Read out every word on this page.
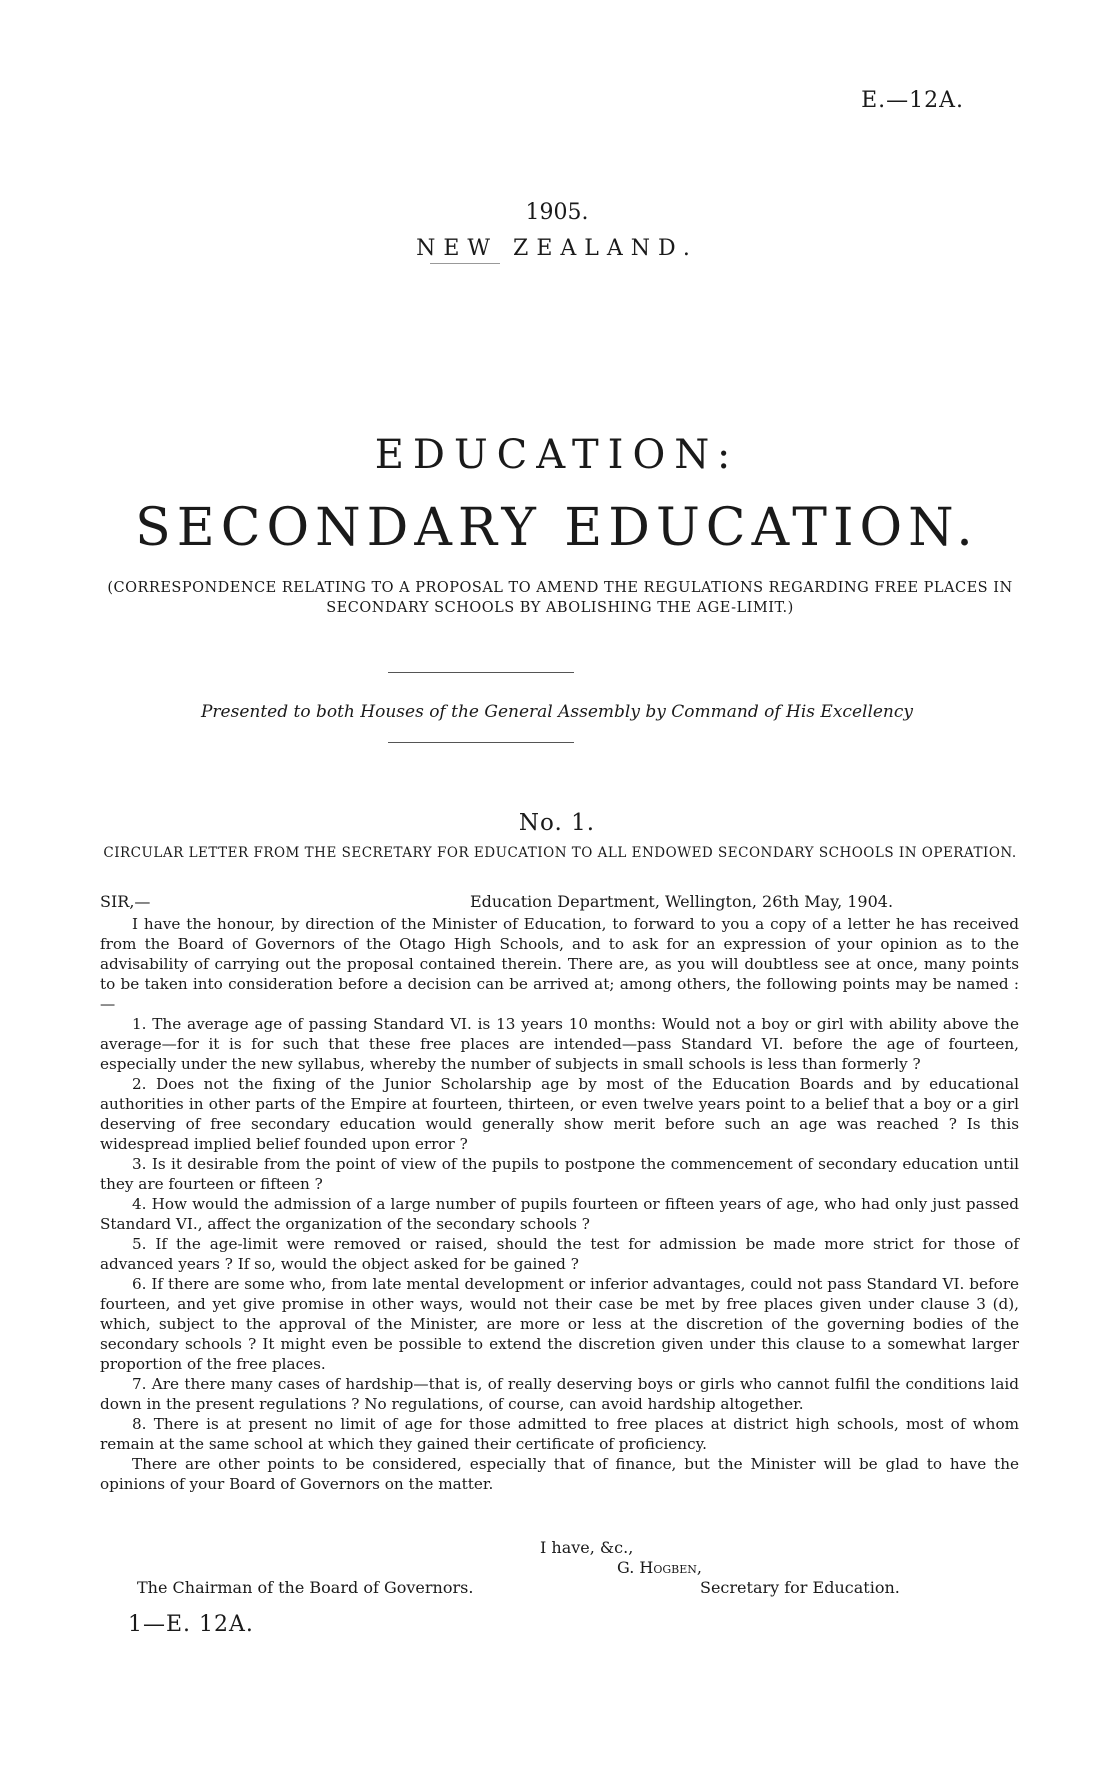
E.—12A.
1905.
NEW ZEALAND.
EDUCATION:
SECONDARY EDUCATION.
(CORRESPONDENCE RELATING TO A PROPOSAL TO AMEND THE REGULATIONS REGARDING FREE PLACES IN SECONDARY SCHOOLS BY ABOLISHING THE AGE-LIMIT.)
Presented to both Houses of the General Assembly by Command of His Excellency
No. 1.
CIRCULAR LETTER FROM THE SECRETARY FOR EDUCATION TO ALL ENDOWED SECONDARY SCHOOLS IN OPERATION.
SIR,—	Education Department, Wellington, 26th May, 1904.

I have the honour, by direction of the Minister of Education, to forward to you a copy of a letter he has received from the Board of Governors of the Otago High Schools, and to ask for an expression of your opinion as to the advisability of carrying out the proposal contained therein. There are, as you will doubtless see at once, many points to be taken into consideration before a decision can be arrived at; among others, the following points may be named :—

1. The average age of passing Standard VI. is 13 years 10 months: Would not a boy or girl with ability above the average—for it is for such that these free places are intended—pass Standard VI. before the age of fourteen, especially under the new syllabus, whereby the number of subjects in small schools is less than formerly ?

2. Does not the fixing of the Junior Scholarship age by most of the Education Boards and by educational authorities in other parts of the Empire at fourteen, thirteen, or even twelve years point to a belief that a boy or a girl deserving of free secondary education would generally show merit before such an age was reached ? Is this widespread implied belief founded upon error ?

3. Is it desirable from the point of view of the pupils to postpone the commencement of secondary education until they are fourteen or fifteen ?

4. How would the admission of a large number of pupils fourteen or fifteen years of age, who had only just passed Standard VI., affect the organization of the secondary schools ?

5. If the age-limit were removed or raised, should the test for admission be made more strict for those of advanced years ? If so, would the object asked for be gained ?

6. If there are some who, from late mental development or inferior advantages, could not pass Standard VI. before fourteen, and yet give promise in other ways, would not their case be met by free places given under clause 3 (d), which, subject to the approval of the Minister, are more or less at the discretion of the governing bodies of the secondary schools ? It might even be possible to extend the discretion given under this clause to a somewhat larger proportion of the free places.

7. Are there many cases of hardship—that is, of really deserving boys or girls who cannot fulfil the conditions laid down in the present regulations ? No regulations, of course, can avoid hardship altogether.

8. There is at present no limit of age for those admitted to free places at district high schools, most of whom remain at the same school at which they gained their certificate of proficiency.

There are other points to be considered, especially that of finance, but the Minister will be glad to have the opinions of your Board of Governors on the matter.

I have, &c.,
G. Hogben,
The Chairman of the Board of Governors.	Secretary for Education.
1—E. 12A.
